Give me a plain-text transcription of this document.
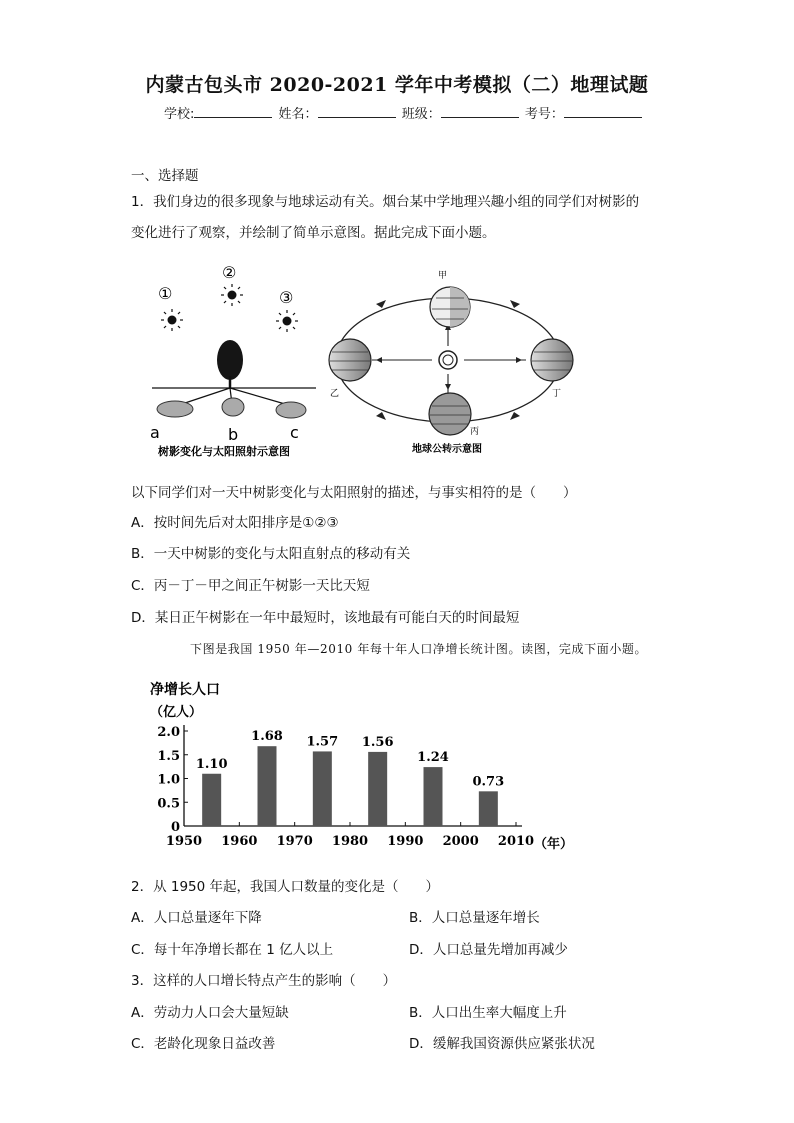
内蒙古包头市 2020-2021 学年中考模拟（二）地理试题
学校:	姓名：	班级：	考号：
一、选择题
1．我们身边的很多现象与地球运动有关。烟台某中学地理兴趣小组的同学们对树影的
变化进行了观察，并绘制了简单示意图。据此完成下面小题。
①
②
③
a	b	c
树影变化与太阳照射示意图
甲
乙
丙
丁
地球公转示意图
以下同学们对一天中树影变化与太阳照射的描述，与事实相符的是（　　）
A．按时间先后对太阳排序是①②③
B．一天中树影的变化与太阳直射点的移动有关
C．丙－丁－甲之间正午树影一天比天短
D．某日正午树影在一年中最短时，该地最有可能白天的时间最短
下图是我国 1950 年—2010 年每十年人口净增长统计图。读图，完成下面小题。
净增长人口
（亿人）
（年）
0
0.5
1.0
1.5
2.0
1950 1960 1970 1980 1990 2000 2010
1.10
1.68 1.57 1.56
1.24
0.73
2．从 1950 年起，我国人口数量的变化是（　　）
A．人口总量逐年下降	B．人口总量逐年增长
C．每十年净增长都在 1 亿人以上	D．人口总量先增加再减少
3．这样的人口增长特点产生的影响（　　）
A．劳动力人口会大量短缺	B．人口出生率大幅度上升
C．老龄化现象日益改善	D．缓解我国资源供应紧张状况
